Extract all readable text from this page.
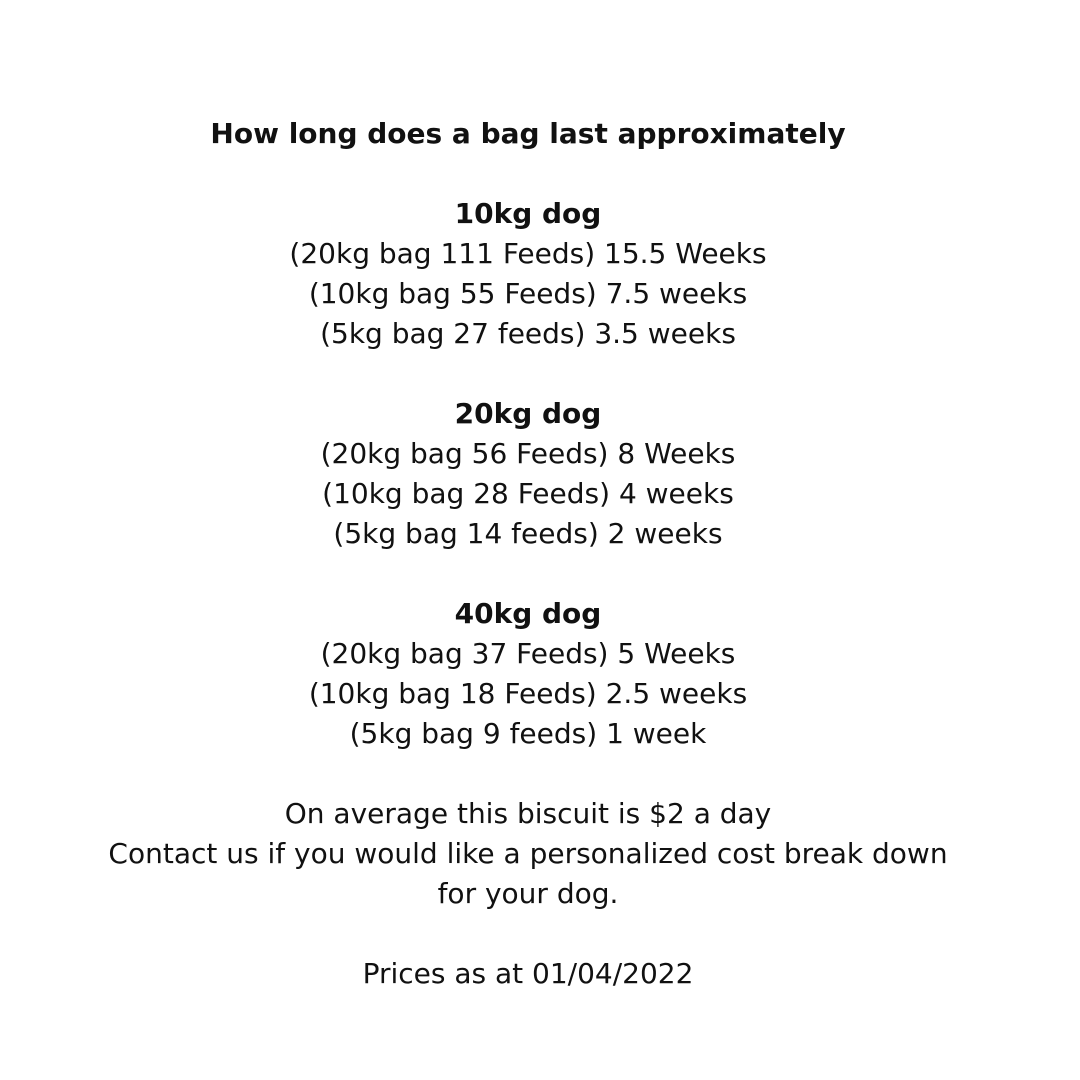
How long does a bag last approximately
10kg dog
(20kg bag 111 Feeds) 15.5 Weeks
(10kg bag 55 Feeds) 7.5 weeks
(5kg bag 27 feeds) 3.5 weeks
20kg dog
(20kg bag 56 Feeds) 8 Weeks
(10kg bag 28 Feeds) 4 weeks
(5kg bag 14 feeds) 2 weeks
40kg dog
(20kg bag 37 Feeds) 5 Weeks
(10kg bag 18 Feeds) 2.5 weeks
(5kg bag 9 feeds) 1 week
On average this biscuit is $2 a day
Contact us if you would like a personalized cost break down
for your dog.
Prices as at 01/04/2022
